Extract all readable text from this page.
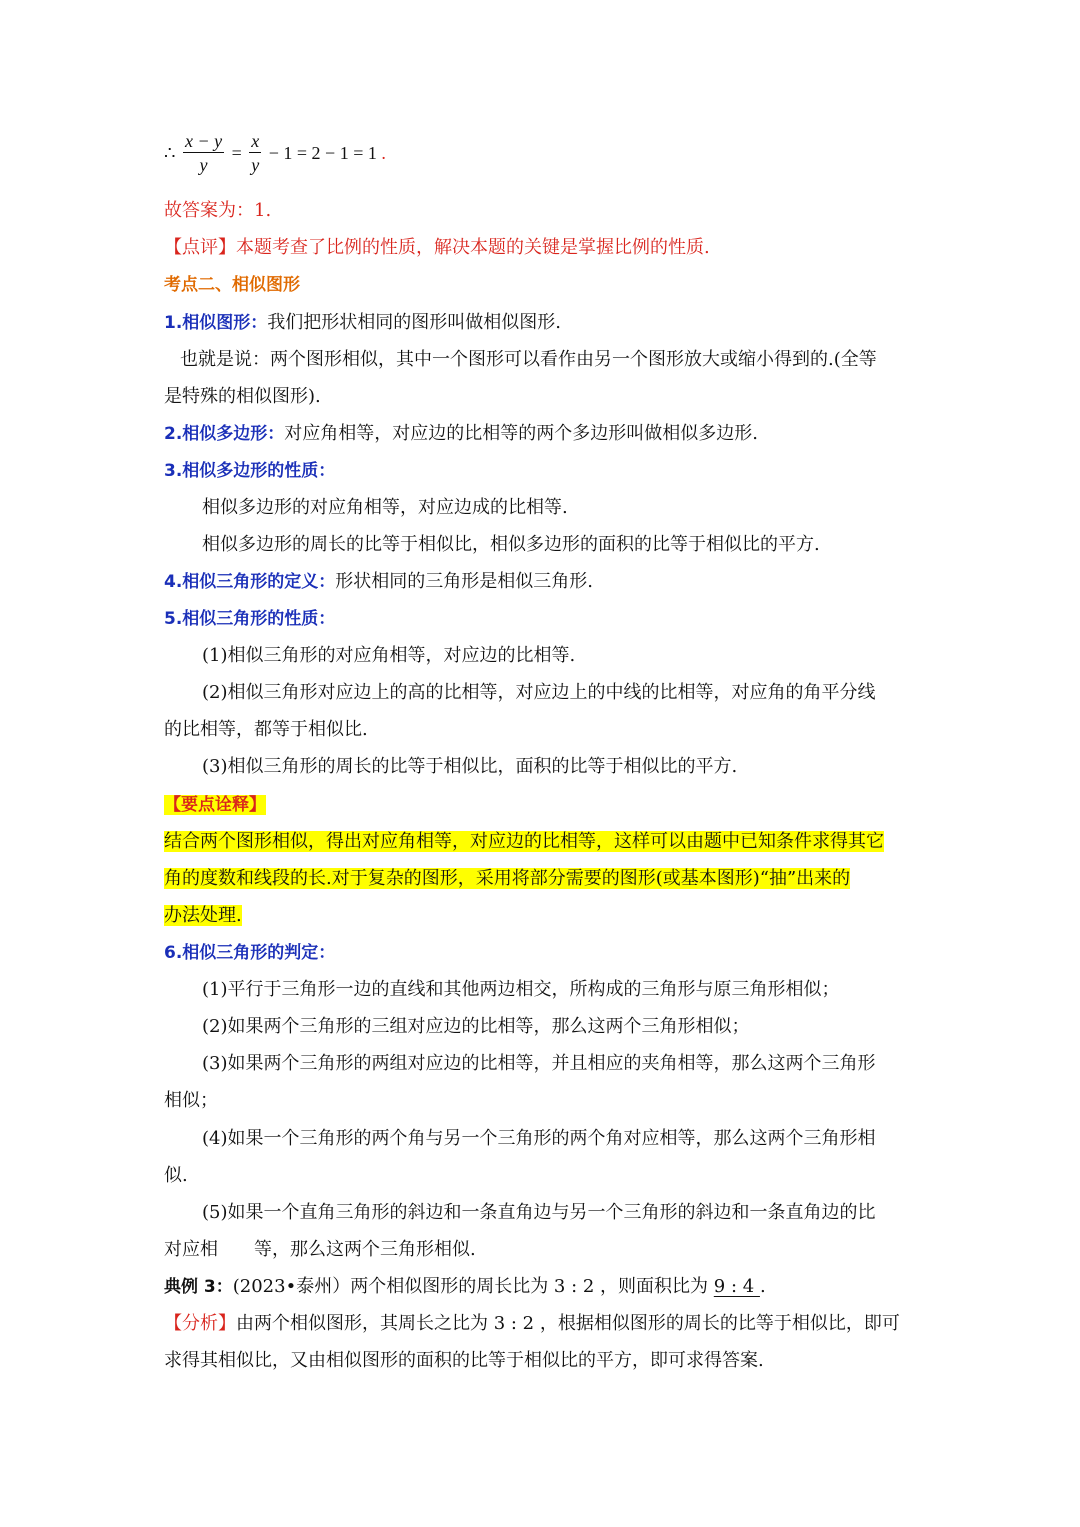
∴ $\frac{x - y}{y} = \frac{x}{y} - 1 = 2 - 1 = 1$ .
故答案为：1.
【点评】本题考查了比例的性质，解决本题的关键是掌握比例的性质.
考点二、相似图形
1.相似图形：我们把形状相同的图形叫做相似图形.
也就是说：两个图形相似，其中一个图形可以看作由另一个图形放大或缩小得到的.(全等
是特殊的相似图形).
2.相似多边形：对应角相等，对应边的比相等的两个多边形叫做相似多边形.
3.相似多边形的性质：
相似多边形的对应角相等，对应边成的比相等.
相似多边形的周长的比等于相似比，相似多边形的面积的比等于相似比的平方.
4.相似三角形的定义：形状相同的三角形是相似三角形.
5.相似三角形的性质：
(1)相似三角形的对应角相等，对应边的比相等.
(2)相似三角形对应边上的高的比相等，对应边上的中线的比相等，对应角的角平分线
的比相等，都等于相似比.
(3)相似三角形的周长的比等于相似比，面积的比等于相似比的平方.
【要点诠释】
结合两个图形相似，得出对应角相等，对应边的比相等，这样可以由题中已知条件求得其它
角的度数和线段的长.对于复杂的图形，采用将部分需要的图形(或基本图形)“抽”出来的
办法处理.
6.相似三角形的判定：
(1)平行于三角形一边的直线和其他两边相交，所构成的三角形与原三角形相似；
(2)如果两个三角形的三组对应边的比相等，那么这两个三角形相似；
(3)如果两个三角形的两组对应边的比相等，并且相应的夹角相等，那么这两个三角形
相似；
(4)如果一个三角形的两个角与另一个三角形的两个角对应相等，那么这两个三角形相
似.
(5)如果一个直角三角形的斜边和一条直角边与另一个三角形的斜边和一条直角边的比
对应相　　等，那么这两个三角形相似.
典例 3：(2023•泰州）两个相似图形的周长比为 3 : 2 ，则面积比为 9 : 4 .
【分析】由两个相似图形，其周长之比为 3 : 2 ，根据相似图形的周长的比等于相似比，即可
求得其相似比，又由相似图形的面积的比等于相似比的平方，即可求得答案.
